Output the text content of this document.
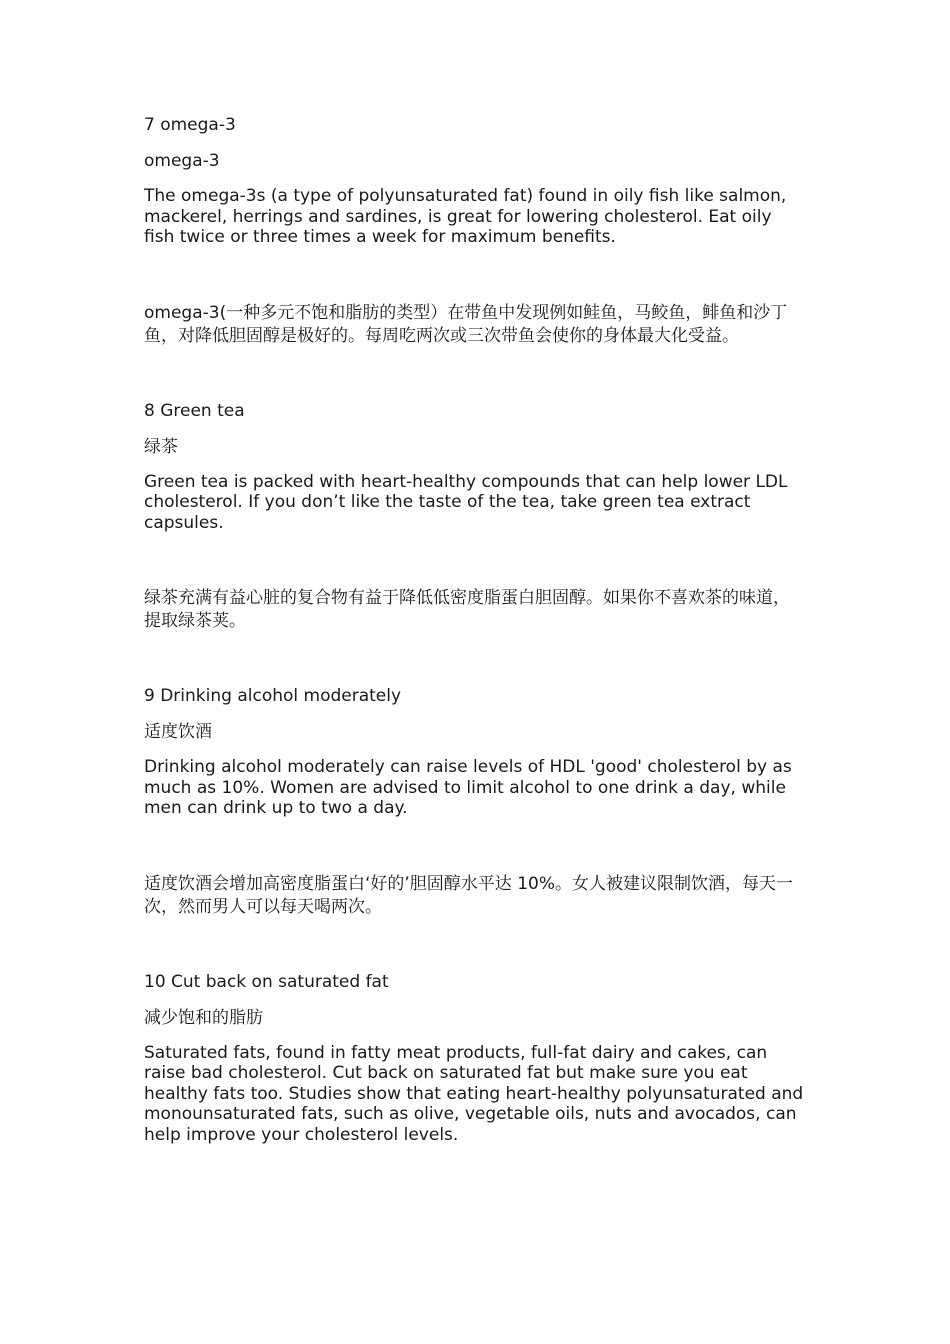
7 omega-3

omega-3

The omega-3s (a type of polyunsaturated fat) found in oily fish like salmon, mackerel, herrings and sardines, is great for lowering cholesterol. Eat oily fish twice or three times a week for maximum benefits.

omega-3(一种多元不饱和脂肪的类型）在带鱼中发现例如鲑鱼，马鲛鱼，鲱鱼和沙丁鱼，对降低胆固醇是极好的。每周吃两次或三次带鱼会使你的身体最大化受益。

8 Green tea

绿茶

Green tea is packed with heart-healthy compounds that can help lower LDL cholesterol. If you don’t like the taste of the tea, take green tea extract capsules.

绿茶充满有益心脏的复合物有益于降低低密度脂蛋白胆固醇。如果你不喜欢茶的味道，提取绿茶荚。

9 Drinking alcohol moderately

适度饮酒

Drinking alcohol moderately can raise levels of HDL 'good' cholesterol by as much as 10%. Women are advised to limit alcohol to one drink a day, while men can drink up to two a day.

适度饮酒会增加高密度脂蛋白‘好的’胆固醇水平达 10%。女人被建议限制饮酒，每天一次，然而男人可以每天喝两次。

10 Cut back on saturated fat

减少饱和的脂肪

Saturated fats, found in fatty meat products, full-fat dairy and cakes, can raise bad cholesterol. Cut back on saturated fat but make sure you eat healthy fats too. Studies show that eating heart-healthy polyunsaturated and monounsaturated fats, such as olive, vegetable oils, nuts and avocados, can help improve your cholesterol levels.
